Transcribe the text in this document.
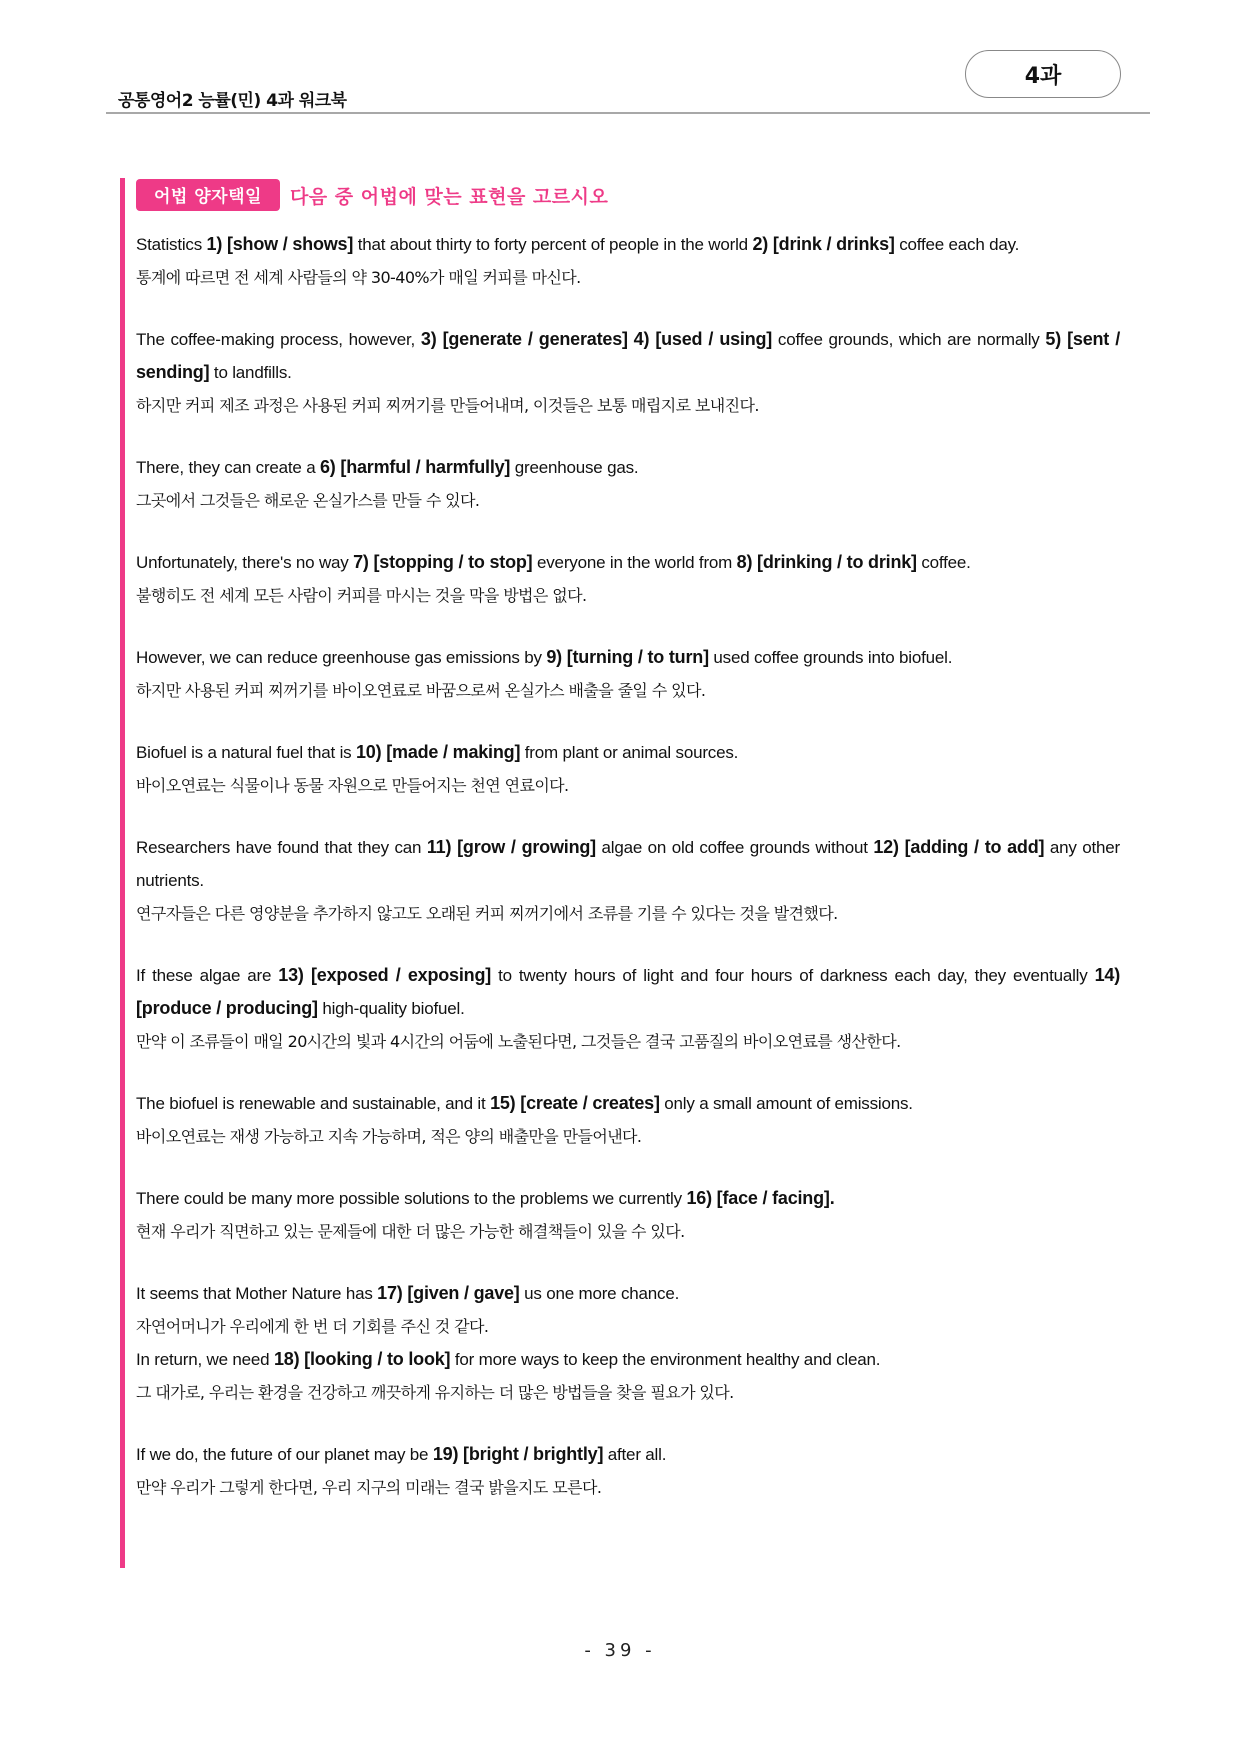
공통영어2 능률(민) 4과 워크북
4과
어법 양자택일	다음 중 어법에 맞는 표현을 고르시오
Statistics 1) [show / shows] that about thirty to forty percent of people in the world 2) [drink / drinks] coffee each day.
통계에 따르면 전 세계 사람들의 약 30-40%가 매일 커피를 마신다.
The coffee-making process, however, 3) [generate / generates] 4) [used / using] coffee grounds, which are normally 5) [sent / sending] to landfills.
하지만 커피 제조 과정은 사용된 커피 찌꺼기를 만들어내며, 이것들은 보통 매립지로 보내진다.
There, they can create a 6) [harmful / harmfully] greenhouse gas.
그곳에서 그것들은 해로운 온실가스를 만들 수 있다.
Unfortunately, there's no way 7) [stopping / to stop] everyone in the world from 8) [drinking / to drink] coffee.
불행히도 전 세계 모든 사람이 커피를 마시는 것을 막을 방법은 없다.
However, we can reduce greenhouse gas emissions by 9) [turning / to turn] used coffee grounds into biofuel.
하지만 사용된 커피 찌꺼기를 바이오연료로 바꿈으로써 온실가스 배출을 줄일 수 있다.
Biofuel is a natural fuel that is 10) [made / making] from plant or animal sources.
바이오연료는 식물이나 동물 자원으로 만들어지는 천연 연료이다.
Researchers have found that they can 11) [grow / growing] algae on old coffee grounds without 12) [adding / to add] any other nutrients.
연구자들은 다른 영양분을 추가하지 않고도 오래된 커피 찌꺼기에서 조류를 기를 수 있다는 것을 발견했다.
If these algae are 13) [exposed / exposing] to twenty hours of light and four hours of darkness each day, they eventually 14) [produce / producing] high-quality biofuel.
만약 이 조류들이 매일 20시간의 빛과 4시간의 어둠에 노출된다면, 그것들은 결국 고품질의 바이오연료를 생산한다.
The biofuel is renewable and sustainable, and it 15) [create / creates] only a small amount of emissions.
바이오연료는 재생 가능하고 지속 가능하며, 적은 양의 배출만을 만들어낸다.
There could be many more possible solutions to the problems we currently 16) [face / facing].
현재 우리가 직면하고 있는 문제들에 대한 더 많은 가능한 해결책들이 있을 수 있다.
It seems that Mother Nature has 17) [given / gave] us one more chance.
자연어머니가 우리에게 한 번 더 기회를 주신 것 같다.
In return, we need 18) [looking / to look] for more ways to keep the environment healthy and clean.
그 대가로, 우리는 환경을 건강하고 깨끗하게 유지하는 더 많은 방법들을 찾을 필요가 있다.
If we do, the future of our planet may be 19) [bright / brightly] after all.
만약 우리가 그렇게 한다면, 우리 지구의 미래는 결국 밝을지도 모른다.
- 39 -
